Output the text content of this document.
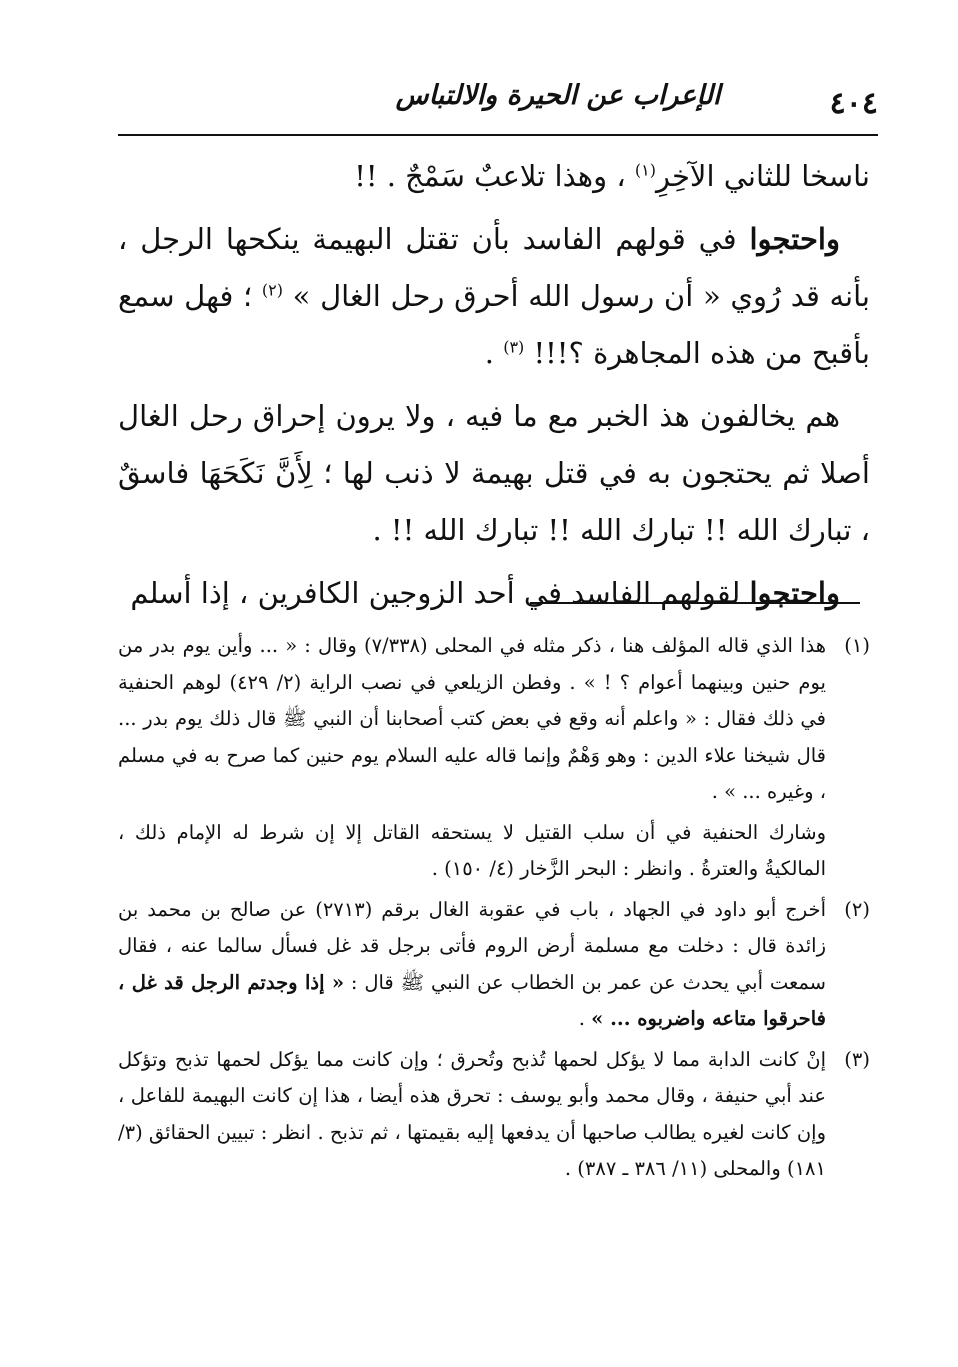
٤٠٤
الإعراب عن الحيرة والالتباس

ناسخا للثاني الآخِرِ$^{(١)}$ ، وهذا تلاعبٌ سَمْجٌ . !!

واحتجوا في قولهم الفاسد بأن تقتل البهيمة ينكحها الرجل ، بأنه قد رُوي « أن رسول الله أحرق رحل الغال » $^{(٢)}$ ؛ فهل سمع بأقبح من هذه المجاهرة ؟!!! $^{(٣)}$ .

هم يخالفون هذ الخبر مع ما فيه ، ولا يرون إحراق رحل الغال أصلا ثم يحتجون به في قتل بهيمة لا ذنب لها ؛ لِأَنَّ نَكَحَهَا فاسقٌ ، تبارك الله !! تبارك الله !! تبارك الله !! .

واحتجوا لقولهم الفاسد في أحد الزوجين الكافرين ، إذا أسلم

(١)

هذا الذي قاله المؤلف هنا ، ذكر مثله في المحلى (٧/٣٣٨) وقال : « ... وأين يوم بدر من يوم حنين وبينهما أعوام ؟ ! » . وفطن الزيلعي في نصب الراية (٢/ ٤٢٩) لوهم الحنفية في ذلك فقال : « واعلم أنه وقع في بعض كتب أصحابنا أن النبي ﷺ قال ذلك يوم بدر ... قال شيخنا علاء الدين : وهو وَهْمٌ وإنما قاله عليه السلام يوم حنين كما صرح به في مسلم ، وغيره ... » .

وشارك الحنفية في أن سلب القتيل لا يستحقه القاتل إلا إن شرط له الإمام ذلك ، المالكيةُ والعترةُ . وانظر : البحر الزَّخار (٤/ ١٥٠) .

(٢)

أخرج أبو داود في الجهاد ، باب في عقوبة الغال برقم (٢٧١٣) عن صالح بن محمد بن زائدة قال : دخلت مع مسلمة أرض الروم فأتى برجل قد غل فسأل سالما عنه ، فقال سمعت أبي يحدث عن عمر بن الخطاب عن النبي ﷺ قال : « إذا وجدتم الرجل قد غل ، فاحرقوا متاعه واضربوه ... » .

(٣)

إنْ كانت الدابة مما لا يؤكل لحمها تُذبح وتُحرق ؛ وإن كانت مما يؤكل لحمها تذبح وتؤكل عند أبي حنيفة ، وقال محمد وأبو يوسف : تحرق هذه أيضا ، هذا إن كانت البهيمة للفاعل ، وإن كانت لغيره يطالب صاحبها أن يدفعها إليه بقيمتها ، ثم تذبح . انظر : تبيين الحقائق (٣/ ١٨١) والمحلى (١١/ ٣٨٦ ـ ٣٨٧) .
